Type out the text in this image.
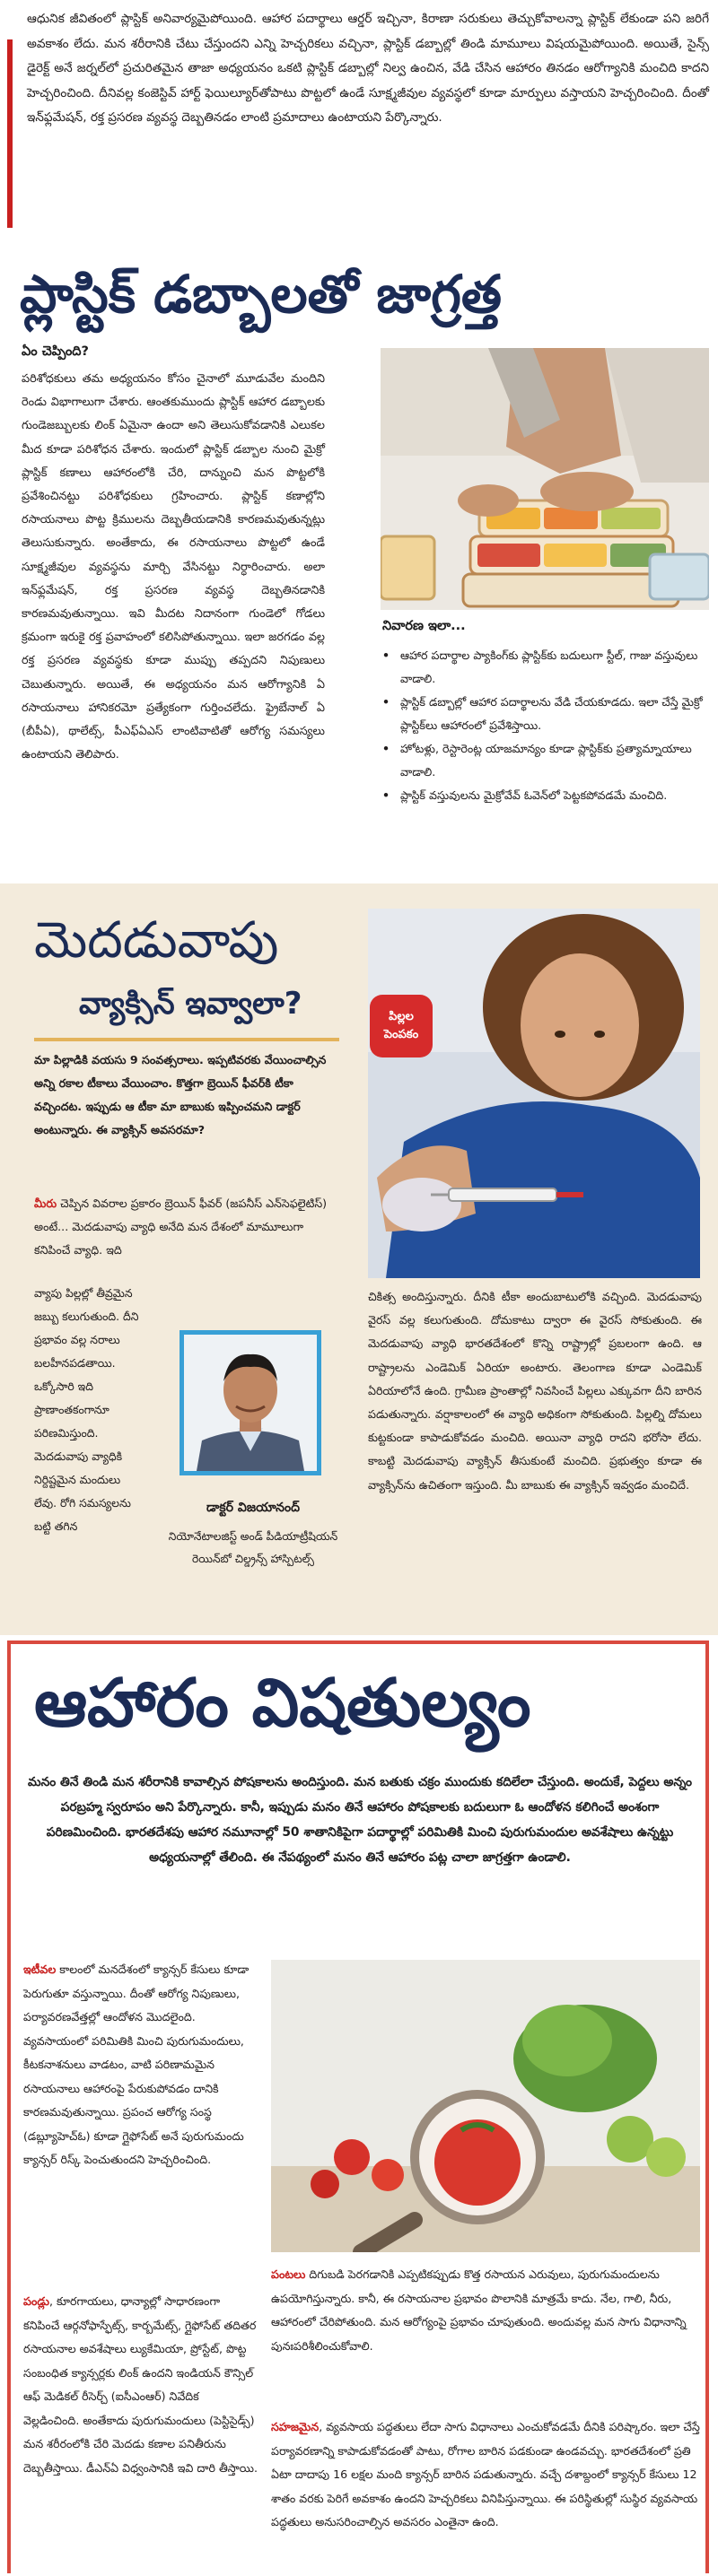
ఆధునిక జీవితంలో ప్లాస్టిక్ అనివార్యమైపోయింది. ఆహార పదార్థాలు ఆర్డర్ ఇచ్చినా, కిరాణా సరుకులు తెచ్చుకోవాలన్నా ప్లాస్టిక్ లేకుండా పని జరిగే అవకాశం లేదు. మన శరీరానికి చేటు చేస్తుందని ఎన్ని హెచ్చరికలు వచ్చినా, ప్లాస్టిక్ డబ్బాల్లో తిండి మామూలు విషయమైపోయింది. అయితే, సైన్స్ డైరెక్ట్ అనే జర్నల్‌లో ప్రచురితమైన తాజా అధ్యయనం ఒకటి ప్లాస్టిక్ డబ్బాల్లో నిల్వ ఉంచిన, వేడి చేసిన ఆహారం తినడం ఆరోగ్యానికి మంచిది కాదని హెచ్చరించింది. దీనివల్ల కంజెస్టివ్ హార్ట్ ఫెయిల్యూర్‌తోపాటు పొట్టలో ఉండే సూక్ష్మజీవుల వ్యవస్థలో కూడా మార్పులు వస్తాయని హెచ్చరించింది. దీంతో ఇన్‌ఫ్లమేషన్, రక్త ప్రసరణ వ్యవస్థ దెబ్బతినడం లాంటి ప్రమాదాలు ఉంటాయని పేర్కొన్నారు.

ప్లాస్టిక్ డబ్బాలతో జాగ్రత్త
ఏం చెప్పింది?

పరిశోధకులు తమ అధ్యయనం కోసం చైనాలో మూడువేల మందిని రెండు విభాగాలుగా చేశారు. ఆంతకుముందు ప్లాస్టిక్ ఆహార డబ్బాలకు గుండెజబ్బులకు లింక్ ఏమైనా ఉందా అని తెలుసుకోవడానికి ఎలుకల మీద కూడా పరిశోధన చేశారు. ఇందులో ప్లాస్టిక్ డబ్బాల నుంచి మైక్రో ప్లాస్టిక్ కణాలు ఆహారంలోకి చేరి, దాన్నుంచి మన పొట్టలోకి ప్రవేశించినట్టు పరిశోధకులు గ్రహించారు. ప్లాస్టిక్ కణాల్లోని రసాయనాలు పొట్ట క్రిములను దెబ్బతీయడానికి కారణమవుతున్నట్లు తెలుసుకున్నారు. అంతేకాదు, ఈ రసాయనాలు పొట్టలో ఉండే సూక్ష్మజీవుల వ్యవస్థను మార్చి వేసినట్టు నిర్ధారించారు. అలా ఇన్‌ఫ్లమేషన్, రక్త ప్రసరణ వ్యవస్థ దెబ్బతినడానికి కారణమవుతున్నాయి. ఇవి మీదట నిదానంగా గుండెలో గోడలు క్రమంగా ఇరుకై రక్త ప్రవాహంలో కలిసిపోతున్నాయి. ఇలా జరగడం వల్ల రక్త ప్రసరణ వ్యవస్థకు కూడా ముప్పు తప్పదని నిపుణులు చెబుతున్నారు. అయితే, ఈ అధ్యయనం మన ఆరోగ్యానికి ఏ రసాయనాలు హానికరమో ప్రత్యేకంగా గుర్తించలేదు. ఫ్రైబేనాల్ ఏ (బీపీఏ), థాలేట్స్, పీఎఫ్‌ఏఎస్ లాంటివాటితో ఆరోగ్య సమస్యలు ఉంటాయని తెలిపారు.

నివారణ ఇలా...
• ఆహార పదార్థాల ప్యాకింగ్‌కు ప్లాస్టిక్‌కు బదులుగా స్టీల్, గాజు వస్తువులు వాడాలి.
• ప్లాస్టిక్ డబ్బాల్లో ఆహార పదార్థాలను వేడి చేయకూడదు. ఇలా చేస్తే మైక్రో ప్లాస్టిక్‌లు ఆహారంలో ప్రవేశిస్తాయి.
• హోటళ్లు, రెస్టారెంట్ల యాజమాన్యం కూడా ప్లాస్టిక్‌కు ప్రత్యామ్నాయాలు వాడాలి.
• ప్లాస్టిక్ వస్తువులను మైక్రోవేవ్ ఓవెన్‌లో పెట్టకపోవడమే మంచిది.
మెదడువాపు
వ్యాక్సిన్ ఇవ్వాలా?

మా పిల్లాడికి వయసు 9 సంవత్సరాలు. ఇప్పటివరకు వేయించాల్సిన అన్ని రకాల టీకాలు వేయించాం. కొత్తగా బ్రెయిన్ ఫీవర్‌కి టీకా వచ్చిందట. ఇప్పుడు ఆ టీకా మా బాబుకు ఇప్పించమని డాక్టర్ అంటున్నారు. ఈ వ్యాక్సిన్ అవసరమా?

మీరు చెప్పిన వివరాల ప్రకారం బ్రెయిన్ ఫీవర్ (జపనీస్ ఎన్‌సెఫలైటిస్) అంటే... మెదడువాపు వ్యాధి అనేది మన దేశంలో మామూలుగా కనిపించే వ్యాధి. ఇది

వ్యాపు పిల్లల్లో తీవ్రమైన జబ్బు కలుగుతుంది. దీని ప్రభావం వల్ల నరాలు బలహీనపడతాయి. ఒక్కోసారి ఇది ప్రాణాంతకంగానూ పరిణమిస్తుంది. మెదడువాపు వ్యాధికి నిర్దిష్టమైన మందులు లేవు. రోగి సమస్యలను బట్టి తగిన

డాక్టర్ విజయానంద్
నియోనేటాలజిస్ట్ అండ్ పీడియాట్రీషియన్ రెయిన్‌బో చిల్డ్రన్స్ హాస్పిటల్స్
పిల్లల పెంపకం

చికిత్స అందిస్తున్నారు. దీనికి టీకా అందుబాటులోకి వచ్చింది. మెదడువాపు వైరస్ వల్ల కలుగుతుంది. దోమకాటు ద్వారా ఈ వైరస్ సోకుతుంది. ఈ మెదడువాపు వ్యాధి భారతదేశంలో కొన్ని రాష్ట్రాల్లో ప్రబలంగా ఉంది. ఆ రాష్ట్రాలను ఎండెమిక్ ఏరియా అంటారు. తెలంగాణ కూడా ఎండెమిక్ ఏరియాలోనే ఉంది. గ్రామీణ ప్రాంతాల్లో నివసించే పిల్లలు ఎక్కువగా దీని బారిన పడుతున్నారు. వర్షాకాలంలో ఈ వ్యాధి అధికంగా సోకుతుంది. పిల్లల్ని దోమలు కుట్టకుండా కాపాడుకోవడం మంచిది. అయినా వ్యాధి రాదని భరోసా లేదు. కాబట్టి మెదడువాపు వ్యాక్సిన్ తీసుకుంటే మంచిది. ప్రభుత్వం కూడా ఈ వ్యాక్సిన్‌ను ఉచితంగా ఇస్తుంది. మీ బాబుకు ఈ వ్యాక్సిన్ ఇవ్వడం మంచిదే.

ఆహారం విషతుల్యం

మనం తినే తిండి మన శరీరానికి కావాల్సిన పోషకాలను అందిస్తుంది. మన బతుకు చక్రం ముందుకు కదిలేలా చేస్తుంది. అందుకే, పెద్దలు అన్నం పరబ్రహ్మ స్వరూపం అని పేర్కొన్నారు. కానీ, ఇప్పుడు మనం తినే ఆహారం పోషకాలకు బదులుగా ఓ ఆందోళన కలిగించే అంశంగా పరిణమించింది. భారతదేశపు ఆహార నమూనాల్లో 50 శాతానికిపైగా పదార్థాల్లో పరిమితికి మించి పురుగుమందుల అవశేషాలు ఉన్నట్టు అధ్యయనాల్లో తేలింది. ఈ నేపథ్యంలో మనం తినే ఆహారం పట్ల చాలా జాగ్రత్తగా ఉండాలి.

ఇటీవల కాలంలో మనదేశంలో క్యాన్సర్ కేసులు కూడా పెరుగుతూ వస్తున్నాయి. దీంతో ఆరోగ్య నిపుణులు, పర్యావరణవేత్తల్లో ఆందోళన మొదలైంది. వ్యవసాయంలో పరిమితికి మించి పురుగుమందులు, కీటకనాశనులు వాడటం, వాటి పరిణామమైన రసాయనాలు ఆహారంపై పేరుకుపోవడం దానికి కారణమవుతున్నాయి. ప్రపంచ ఆరోగ్య సంస్థ (డబ్ల్యూహెచ్‌ఓ) కూడా గ్లైఫోసేట్ అనే పురుగుమందు క్యాన్సర్ రిస్క్ పెంచుతుందని హెచ్చరించింది.

పండ్లు, కూరగాయలు, ధాన్యాల్లో సాధారణంగా కనిపించే ఆర్గనోఫాస్ఫేట్స్, కార్బమేట్స్, గ్లైఫోసేట్ తదితర రసాయనాల అవశేషాలు ల్యుకేమియా, ప్రోస్టేట్, పొట్ట సంబంధిత క్యాన్సర్లకు లింక్ ఉందని ఇండియన్ కౌన్సిల్ ఆఫ్ మెడికల్ రీసెర్చ్ (ఐసీఎంఆర్) నివేదిక వెల్లడించింది. అంతేకాదు పురుగుమందులు (పెస్టిసైడ్స్) మన శరీరంలోకి చేరి మెదడు కణాల పనితీరును దెబ్బతీస్తాయి. డీఎన్‌ఏ విధ్వంసానికి ఇవి దారి తీస్తాయి.

పంటలు దిగుబడి పెరగడానికి ఎప్పటికప్పుడు కొత్త రసాయన ఎరువులు, పురుగుమందులను ఉపయోగిస్తున్నారు. కానీ, ఈ రసాయనాల ప్రభావం పొలానికి మాత్రమే కాదు. నేల, గాలి, నీరు, ఆహారంలో చేరిపోతుంది. మన ఆరోగ్యంపై ప్రభావం చూపుతుంది. అందువల్ల మన సాగు విధానాన్ని పునఃపరిశీలించుకోవాలి.

సహజమైన, వ్యవసాయ పద్ధతులు లేదా సాగు విధానాలు ఎంచుకోవడమే దీనికి పరిష్కారం. ఇలా చేస్తే పర్యావరణాన్ని కాపాడుకోవడంతో పాటు, రోగాల బారిన పడకుండా ఉండవచ్చు. భారతదేశంలో ప్రతి ఏటా దాదాపు 16 లక్షల మంది క్యాన్సర్ బారిన పడుతున్నారు. వచ్చే దశాబ్దంలో క్యాన్సర్ కేసులు 12 శాతం వరకు పెరిగే అవకాశం ఉందని హెచ్చరికలు వినిపిస్తున్నాయి. ఈ పరిస్థితుల్లో సుస్థిర వ్యవసాయ పద్ధతులు అనుసరించాల్సిన అవసరం ఎంతైనా ఉంది.
